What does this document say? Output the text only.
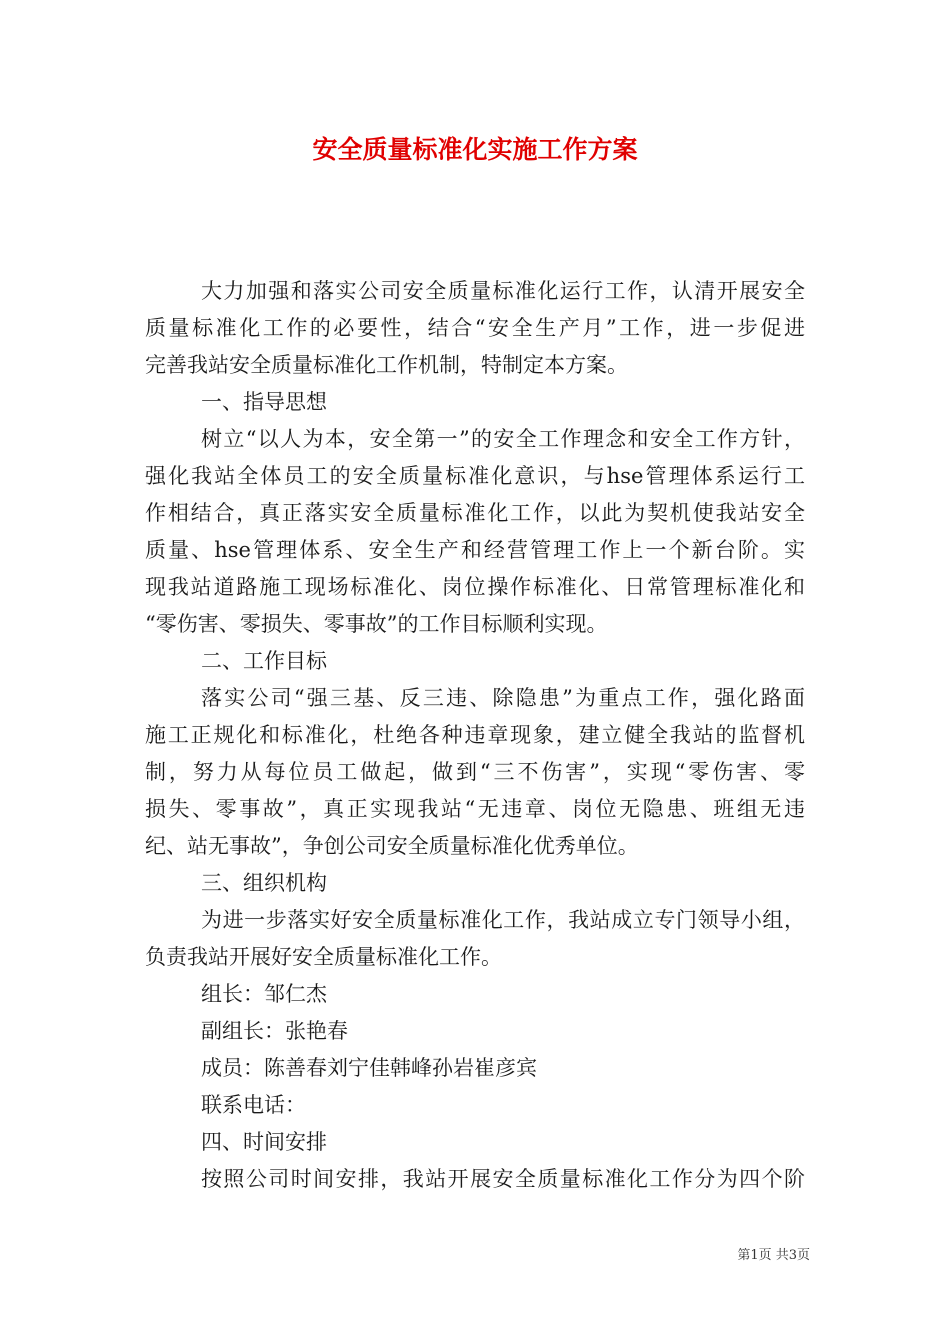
安全质量标准化实施工作方案
大力加强和落实公司安全质量标准化运行工作，认清开展安全
质量标准化工作的必要性，结合“安全生产月”工作，进一步促进
完善我站安全质量标准化工作机制，特制定本方案。
一、指导思想
树立“以人为本，安全第一”的安全工作理念和安全工作方针，
强化我站全体员工的安全质量标准化意识，与hse管理体系运行工
作相结合，真正落实安全质量标准化工作，以此为契机使我站安全
质量、hse管理体系、安全生产和经营管理工作上一个新台阶。实
现我站道路施工现场标准化、岗位操作标准化、日常管理标准化和
“零伤害、零损失、零事故”的工作目标顺利实现。
二、工作目标
落实公司“强三基、反三违、除隐患”为重点工作，强化路面
施工正规化和标准化，杜绝各种违章现象，建立健全我站的监督机
制，努力从每位员工做起，做到“三不伤害”，实现“零伤害、零
损失、零事故”，真正实现我站“无违章、岗位无隐患、班组无违
纪、站无事故”，争创公司安全质量标准化优秀单位。
三、组织机构
为进一步落实好安全质量标准化工作，我站成立专门领导小组，
负责我站开展好安全质量标准化工作。
组长：邹仁杰
副组长：张艳春
成员：陈善春刘宁佳韩峰孙岩崔彦宾
联系电话：
四、时间安排
按照公司时间安排，我站开展安全质量标准化工作分为四个阶
第1页 共3页
